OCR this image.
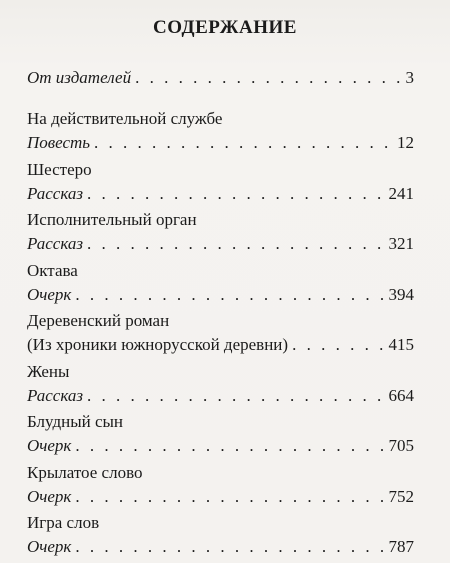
СОДЕРЖАНИЕ
От издателей . . .	3
На действительной службе
Повесть . . .	12
Шестеро
Рассказ . . .	241
Исполнительный орган
Рассказ . . .	321
Октава
Очерк . . .	394
Деревенский роман
(Из хроники южнорусской деревни) . . .	415
Жены
Рассказ . . .	664
Блудный сын
Очерк . . .	705
Крылатое слово
Очерк . . .	752
Игра слов
Очерк . . .	787
